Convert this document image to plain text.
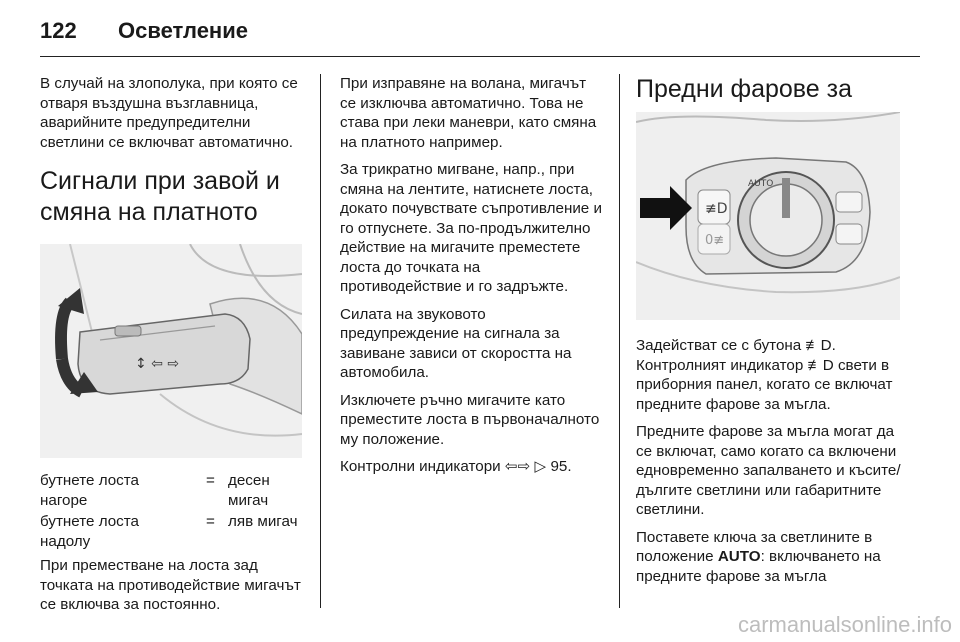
122 Осветление

В случай на злополука, при която се отваря въздушна възглавница, аварийните предупредителни светлини се включват автоматично.

Сигнали при завой и смяна на платното
↕ ⇦ ⇨
бутнете лоста нагоре
= десен мигач
бутнете лоста надолу
= ляв мигач

При преместване на лоста зад точката на противодействие мигачът се включва за постоянно.

При изправяне на волана, мигачът се изключва автоматично. Това не става при леки маневри, като смяна на платното например.

За трикратно мигване, напр., при смяна на лентите, натиснете лоста, докато почувствате съпротивление и го отпуснете. За по-продължително действие на мигачите преместете лоста до точката на противодействие и го задръжте.

Силата на звуковото предупреждение на сигнала за завиване зависи от скоростта на автомобила.

Изключете ръчно мигачите като преместите лоста в първоначалното му положение.

Контролни индикатори ⇦⇨ ▷ 95.

Предни фарове за
≢D
0≢
AUTO

Задействат се с бутона ≢D.
Контролният индикатор ≢D свети в приборния панел, когато се включат предните фарове за мъгла.

Предните фарове за мъгла могат да се включат, само когато са включени едновременно запалването и късите/дългите светлини или габаритните светлини.

Поставете ключа за светлините в положение AUTO: включването на предните фарове за мъгла

carmanualsonline.info
